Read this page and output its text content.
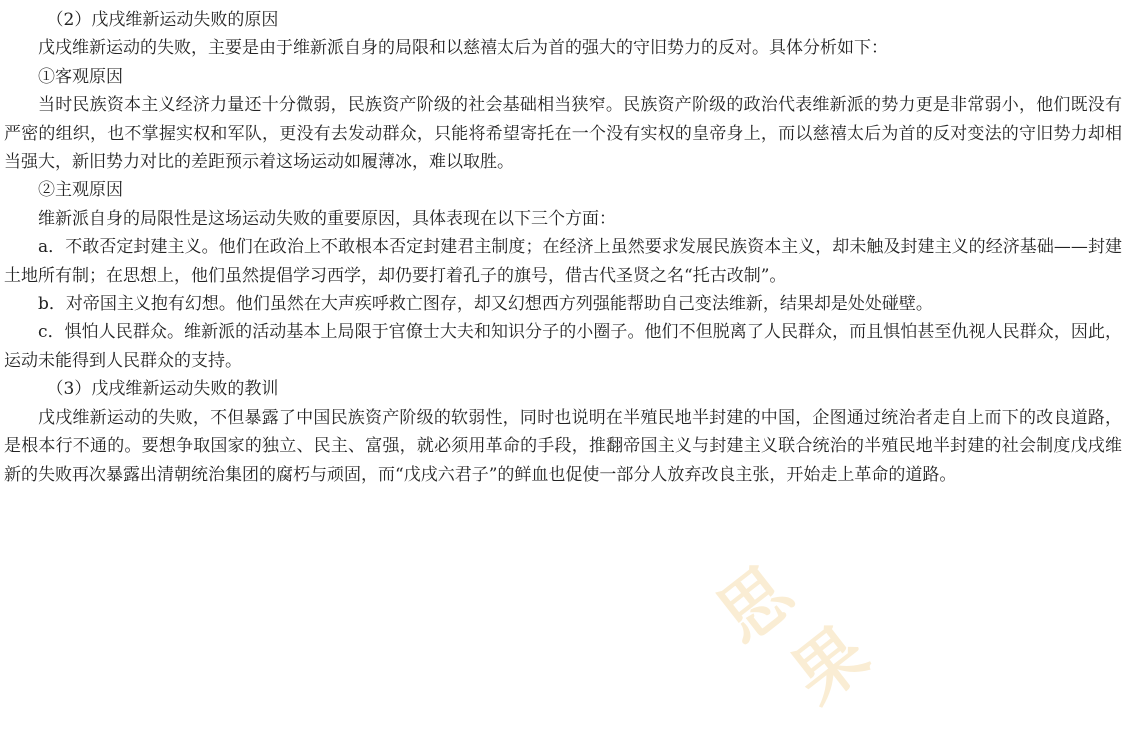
（2）戊戌维新运动失败的原因

戊戌维新运动的失败，主要是由于维新派自身的局限和以慈禧太后为首的强大的守旧势力的反对。具体分析如下：

①客观原因

当时民族资本主义经济力量还十分微弱，民族资产阶级的社会基础相当狭窄。民族资产阶级的政治代表维新派的势力更是非常弱小，他们既没有严密的组织，也不掌握实权和军队，更没有去发动群众，只能将希望寄托在一个没有实权的皇帝身上，而以慈禧太后为首的反对变法的守旧势力却相当强大，新旧势力对比的差距预示着这场运动如履薄冰，难以取胜。

②主观原因

维新派自身的局限性是这场运动失败的重要原因，具体表现在以下三个方面：

a．不敢否定封建主义。他们在政治上不敢根本否定封建君主制度；在经济上虽然要求发展民族资本主义，却未触及封建主义的经济基础——封建土地所有制；在思想上，他们虽然提倡学习西学，却仍要打着孔子的旗号，借古代圣贤之名“托古改制”。

b．对帝国主义抱有幻想。他们虽然在大声疾呼救亡图存，却又幻想西方列强能帮助自己变法维新，结果却是处处碰壁。

c．惧怕人民群众。维新派的活动基本上局限于官僚士大夫和知识分子的小圈子。他们不但脱离了人民群众，而且惧怕甚至仇视人民群众，因此，运动未能得到人民群众的支持。

（3）戊戌维新运动失败的教训

戊戌维新运动的失败，不但暴露了中国民族资产阶级的软弱性，同时也说明在半殖民地半封建的中国，企图通过统治者走自上而下的改良道路，是根本行不通的。要想争取国家的独立、民主、富强，就必须用革命的手段，推翻帝国主义与封建主义联合统治的半殖民地半封建的社会制度戊戌维新的失败再次暴露出清朝统治集团的腐朽与顽固，而“戊戌六君子”的鲜血也促使一部分人放弃改良主张，开始走上革命的道路。

思
果
